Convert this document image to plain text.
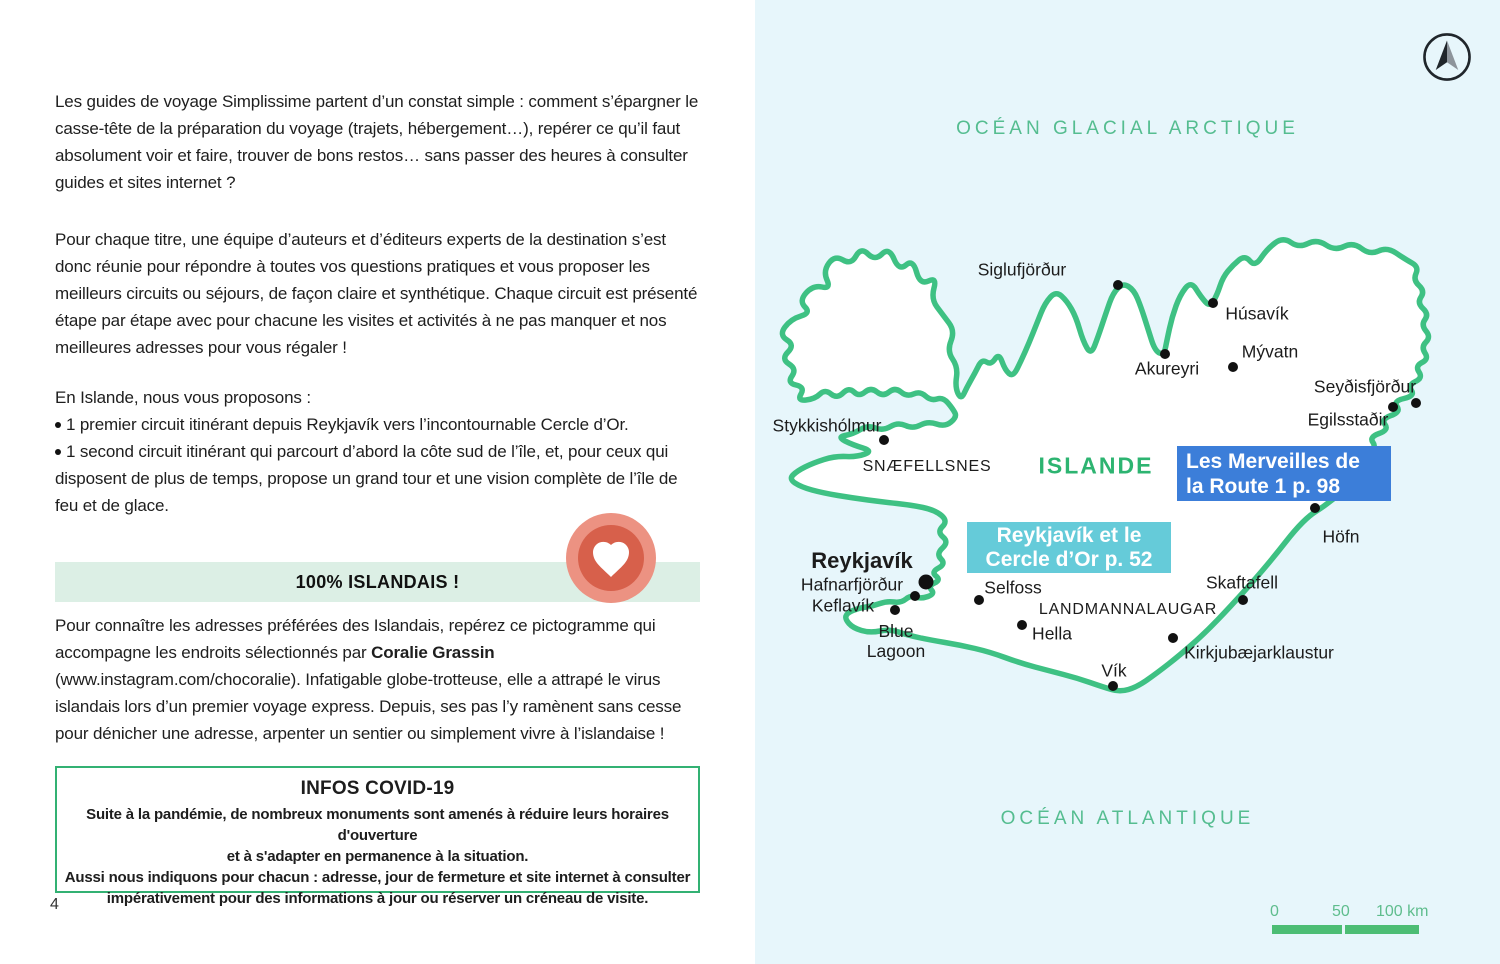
Les guides de voyage Simplissime partent d’un constat simple : comment s’épargner le casse-tête de la préparation du voyage (trajets, hébergement…), repérer ce qu’il faut absolument voir et faire, trouver de bons restos… sans passer des heures à consulter guides et sites internet ?

Pour chaque titre, une équipe d’auteurs et d’éditeurs experts de la destination s’est donc réunie pour répondre à toutes vos questions pratiques et vous proposer les meilleurs circuits ou séjours, de façon claire et synthétique. Chaque circuit est présenté étape par étape avec pour chacune les visites et activités à ne pas manquer et nos meilleures adresses pour vous régaler !

En Islande, nous vous proposons :
1 premier circuit itinérant depuis Reykjavík vers l’incontournable Cercle d’Or.
1 second circuit itinérant qui parcourt d’abord la côte sud de l’île, et, pour ceux qui disposent de plus de temps, propose un grand tour et une vision complète de l’île de feu et de glace.
100% ISLANDAIS !

Pour connaître les adresses préférées des Islandais, repérez ce pictogramme qui accompagne les endroits sélectionnés par Coralie Grassin (www.instagram.com/chocoralie). Infatigable globe-trotteuse, elle a attrapé le virus islandais lors d’un premier voyage express. Depuis, ses pas l’y ramènent sans cesse pour dénicher une adresse, arpenter un sentier ou simplement vivre à l’islandaise !

INFOS COVID-19
Suite à la pandémie, de nombreux monuments sont amenés à réduire leurs horaires d'ouverture
et à s'adapter en permanence à la situation.
Aussi nous indiquons pour chacun : adresse, jour de fermeture et site internet à consulter
impérativement pour des informations à jour ou réserver un créneau de visite.
4
OCÉAN GLACIAL ARCTIQUE
OCÉAN ATLANTIQUE
Siglufjörður
Húsavík
Akureyri
Mývatn
Seyðisfjörður
Egilsstaðir
Stykkishólmur
SNÆFELLSNES ISLANDE Les Merveilles de
la Route 1 p. 98
Reykjavík et le
Cercle d’Or p. 52
Höfn
Reykjavík
Hafnarfjörður
Keflavík
Blue
Lagoon
Selfoss
LANDMANNALAUGAR
Hella
Vík
Kirkjubæjarklaustur
Skaftafell
0	50 100 km
